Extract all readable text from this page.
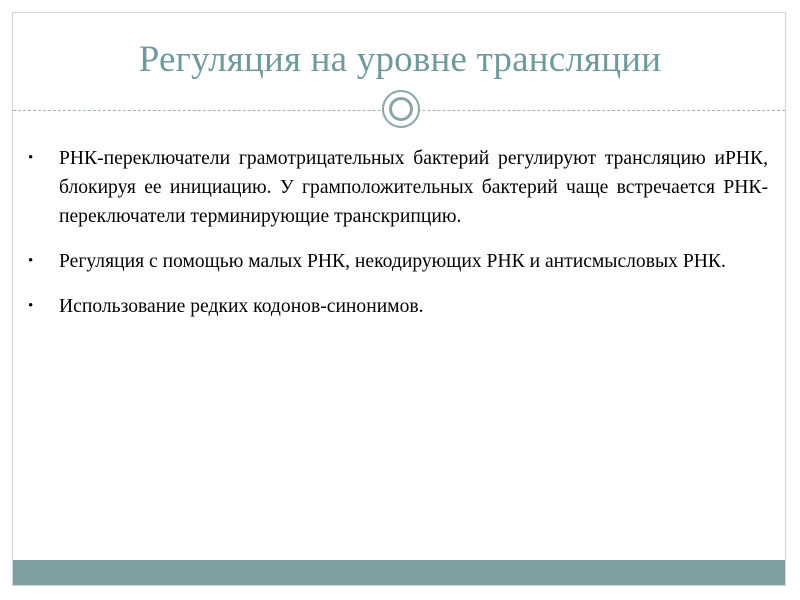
Регуляция на уровне трансляции
•	РНК-переключатели грамотрицательных бактерий регулируют трансляцию иРНК, блокируя ее инициацию. У грамположительных бактерий чаще встречается РНК-переключатели терминирующие транскрипцию.
•	Регуляция с помощью малых РНК, некодирующих РНК и антисмысловых РНК.
•	Использование редких кодонов-синонимов.
